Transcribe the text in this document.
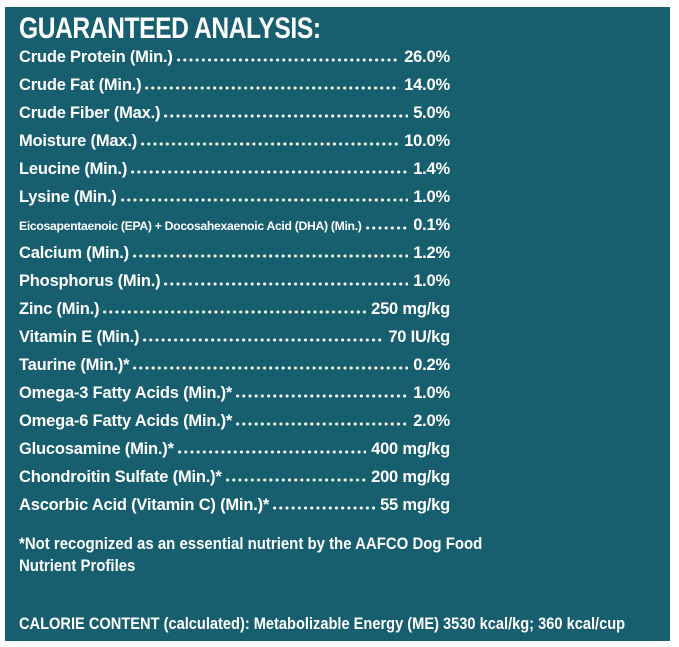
GUARANTEED ANALYSIS:
Crude Protein (Min.)	26.0%
Crude Fat (Min.)	14.0%
Crude Fiber (Max.)	5.0%
Moisture (Max.)	10.0%
Leucine (Min.)	1.4%
Lysine (Min.)	1.0%
Eicosapentaenoic (EPA) + Docosahexaenoic Acid (DHA) (Min.)	0.1%
Calcium (Min.)	1.2%
Phosphorus (Min.)	1.0%
Zinc (Min.)	250 mg/kg
Vitamin E (Min.)	70 IU/kg
Taurine (Min.)*	0.2%
Omega-3 Fatty Acids (Min.)*	1.0%
Omega-6 Fatty Acids (Min.)*	2.0%
Glucosamine (Min.)*	400 mg/kg
Chondroitin Sulfate (Min.)*	200 mg/kg
Ascorbic Acid (Vitamin C) (Min.)*	55 mg/kg
*Not recognized as an essential nutrient by the AAFCO Dog Food
Nutrient Profiles
CALORIE CONTENT (calculated): Metabolizable Energy (ME) 3530 kcal/kg; 360 kcal/cup
